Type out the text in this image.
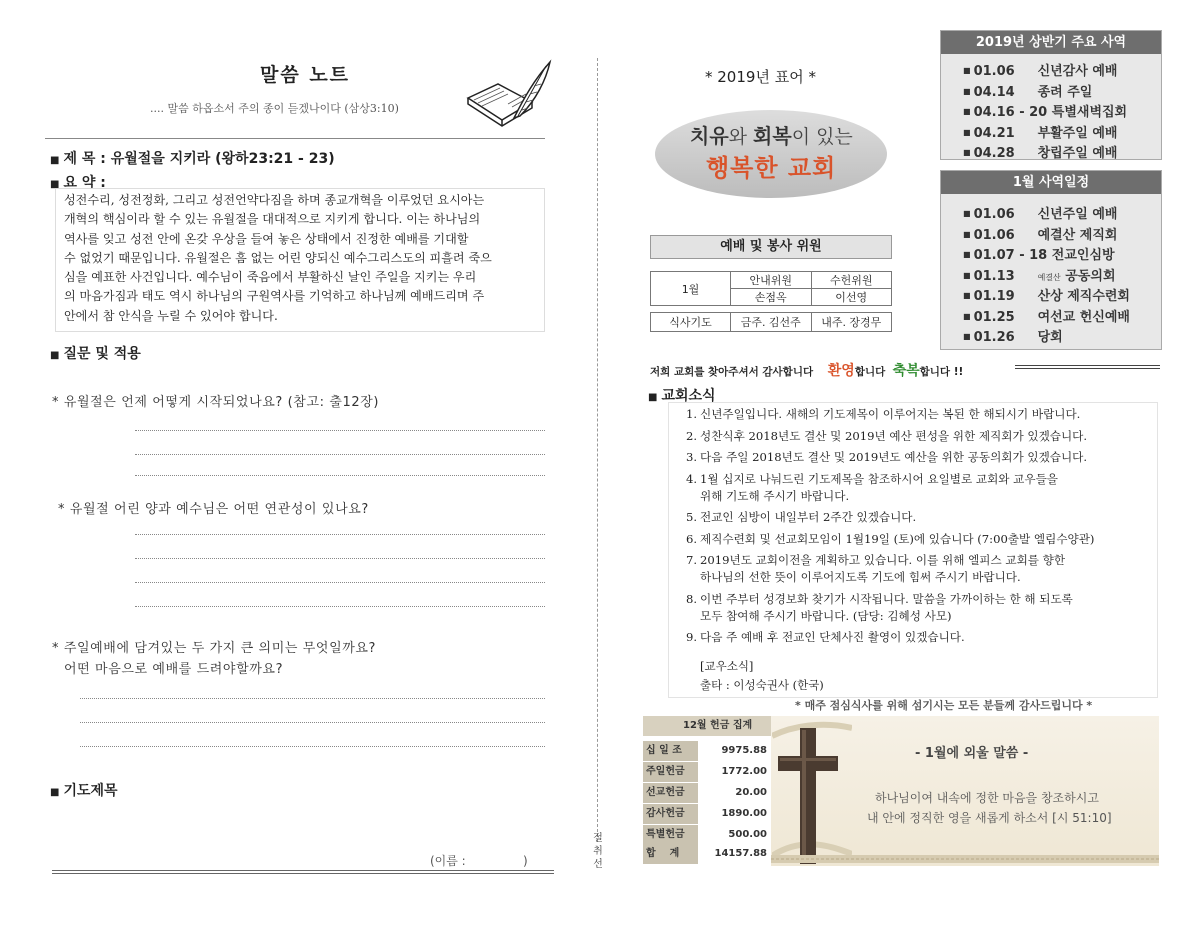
말씀 노트
.... 말씀 하옵소서 주의 종이 듣겠나이다 (삼상3:10)
■ 제 목 : 유월절을 지키라 (왕하23:21 - 23)
■ 요 약 :
성전수리, 성전정화, 그리고 성전언약다짐을 하며 종교개혁을 이루었던 요시아는
개혁의 핵심이라 할 수 있는 유월절을 대대적으로 지키게 합니다. 이는 하나님의
역사를 잊고 성전 안에 온갖 우상을 들여 놓은 상태에서 진정한 예배를 기대할
수 없었기 때문입니다. 유월절은 흠 없는 어린 양되신 예수그리스도의 피흘려 죽으
심을 예표한 사건입니다. 예수님이 죽음에서 부활하신 날인 주일을 지키는 우리
의 마음가짐과 태도 역시 하나님의 구원역사를 기억하고 하나님께 예배드리며 주
안에서 참 안식을 누릴 수 있어야 합니다.
■ 질문 및 적용
* 유월절은 언제 어떻게 시작되었나요? (참고: 출12장)
* 유월절 어린 양과 예수님은 어떤 연관성이 있나요?
* 주일예배에 담겨있는 두 가지 큰 의미는 무엇일까요?
어떤 마음으로 예배를 드려야할까요?
■ 기도제목
(이름 :               )
절취선
* 2019년 표어 *
치유와 회복이 있는
행복한 교회
예배 및 봉사 위원
1월	안내위원	수헌위원
	손점옥	이선영
식사기도	금주. 김선주	내주. 장경무
2019년 상반기 주요 사역
■ 01.06 신년감사 예배
■ 04.14 종려 주일
■ 04.16 - 20 특별새벽집회
■ 04.21 부활주일 예배
■ 04.28 창립주일 예배
1월 사역일정
■ 01.06 신년주일 예배
■ 01.06 예결산 제직회
■ 01.07 - 18 전교인심방
■ 01.13	예결산 공동의회
■ 01.19 산상 제직수련회
■ 01.25 여선교 헌신예배
■ 01.26 당회
저희 교회를 찾아주셔서 감사합니다 환영합니다  축복합니다 !!
■ 교회소식
1. 신년주일입니다. 새해의 기도제목이 이루어지는 복된 한 해되시기 바랍니다.
2. 성찬식후 2018년도 결산 및 2019년 예산 편성을 위한 제직회가 있겠습니다.
3. 다음 주일 2018년도 결산 및 2019년도 예산을 위한 공동의회가 있겠습니다.
4. 1월 십지로 나눠드린 기도제목을 참조하시어 요일별로 교회와 교우들을
위해 기도해 주시기 바랍니다.
5. 전교인 심방이 내일부터 2주간 있겠습니다.
6. 제직수련회 및 선교회모임이 1월19일 (토)에 있습니다 (7:00출발 엘림수양관)
7. 2019년도 교회이전을 계획하고 있습니다. 이를 위해 엘피스 교회를 향한
하나님의 선한 뜻이 이루어지도록 기도에 힘써 주시기 바랍니다.
8. 이번 주부터 성경보화 찾기가 시작됩니다. 말씀을 가까이하는 한 해 되도록
모두 참여해 주시기 바랍니다. (담당: 김혜성 사모)
9. 다음 주 예배 후 전교인 단체사진 촬영이 있겠습니다.
[교우소식]
출타 : 이성숙권사 (한국)
* 매주 점심식사를 위해 섬기시는 모든 분들께 감사드립니다 *
12월 헌금 집계
십 일 조	9975.88
주일헌금	1772.00
선교헌금	20.00
감사헌금	1890.00
특별헌금	500.00
합    계	14157.88
- 1월에 외울 말씀 -
하나님이여 내속에 정한 마음을 창조하시고
내 안에 정직한 영을 새롭게 하소서 [시 51:10]
